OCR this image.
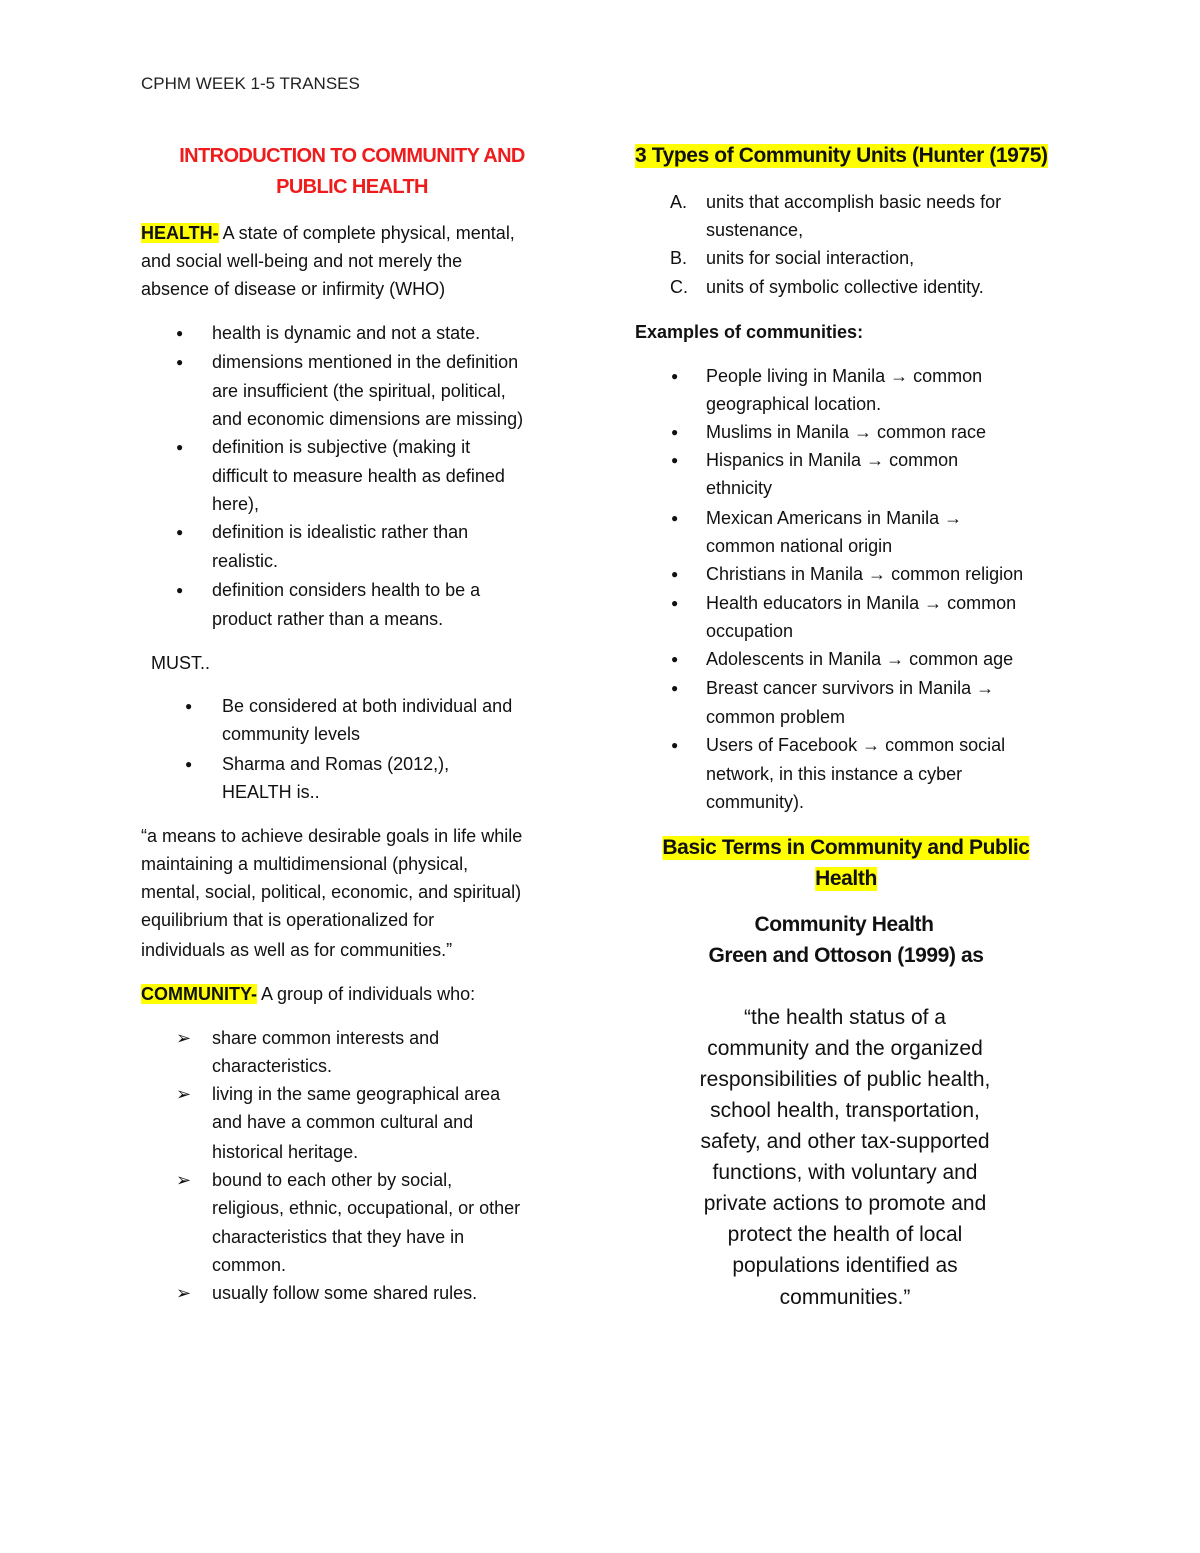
CPHM WEEK 1-5 TRANSES
INTRODUCTION TO COMMUNITY AND
PUBLIC HEALTH
HEALTH- A state of complete physical, mental,
and social well-being and not merely the
absence of disease or infirmity (WHO)
● health is dynamic and not a state.
● dimensions mentioned in the definition
are insufficient (the spiritual, political,
and economic dimensions are missing)
● definition is subjective (making it
difficult to measure health as defined
here),
● definition is idealistic rather than
realistic.
● definition considers health to be a
product rather than a means.
MUST..
● Be considered at both individual and
community levels
● Sharma and Romas (2012,),
HEALTH is..
“a means to achieve desirable goals in life while
maintaining a multidimensional (physical,
mental, social, political, economic, and spiritual)
equilibrium that is operationalized for
individuals as well as for communities.”
COMMUNITY- A group of individuals who:
➢ share common interests and
characteristics.
➢ living in the same geographical area
and have a common cultural and
historical heritage.
➢ bound to each other by social,
religious, ethnic, occupational, or other
characteristics that they have in
common.
➢ usually follow some shared rules.
3 Types of Community Units (Hunter (1975)
A. units that accomplish basic needs for
sustenance,
B. units for social interaction,
C. units of symbolic collective identity.
Examples of communities:
● People living in Manila → common
geographical location.
● Muslims in Manila → common race
● Hispanics in Manila → common
ethnicity
● Mexican Americans in Manila →
common national origin
● Christians in Manila → common religion
● Health educators in Manila → common
occupation
● Adolescents in Manila → common age
● Breast cancer survivors in Manila →
common problem
● Users of Facebook → common social
network, in this instance a cyber
community).
Basic Terms in Community and Public
Health
Community Health
Green and Ottoson (1999) as
“the health status of a
community and the organized
responsibilities of public health,
school health, transportation,
safety, and other tax-supported
functions, with voluntary and
private actions to promote and
protect the health of local
populations identified as
communities.”
